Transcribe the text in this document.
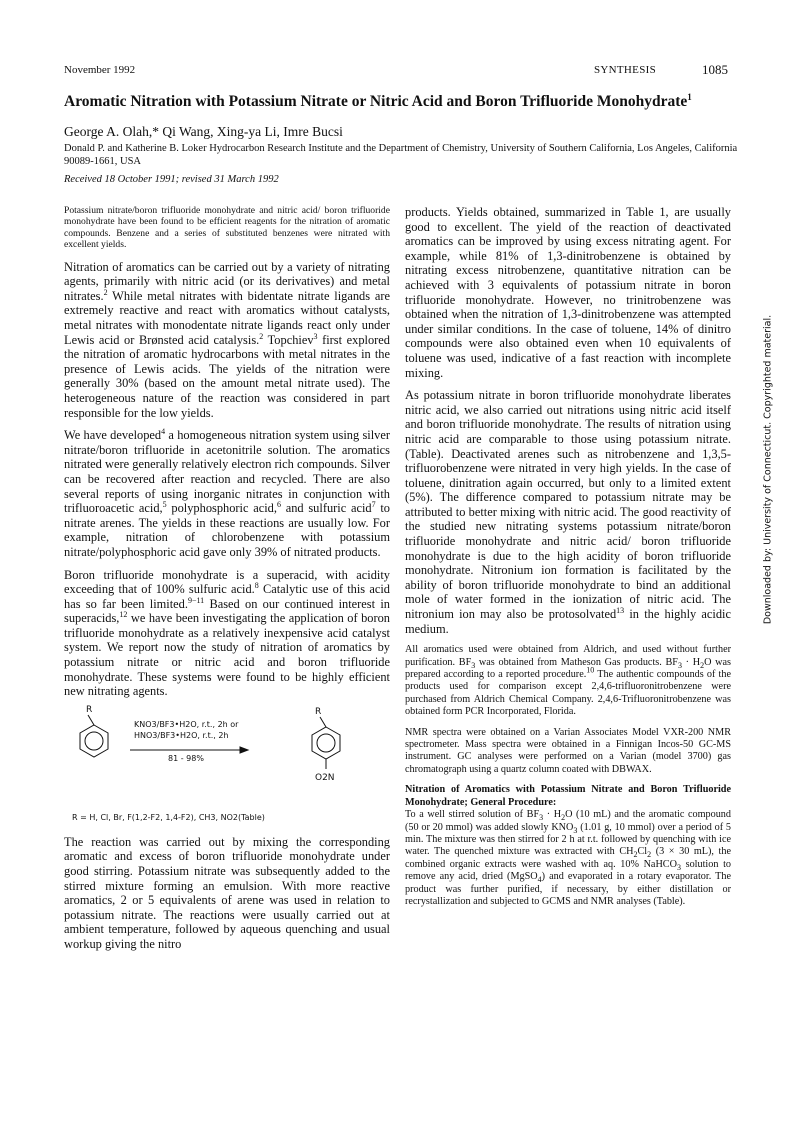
November 1992	SYNTHESIS	1085
Aromatic Nitration with Potassium Nitrate or Nitric Acid and Boron Trifluoride Monohydrate$^1$
George A. Olah,* Qi Wang, Xing-ya Li, Imre Bucsi
Donald P. and Katherine B. Loker Hydrocarbon Research Institute and the Department of Chemistry, University of Southern California, Los Angeles, California 90089-1661, USA
Received 18 October 1991; revised 31 March 1992

Potassium nitrate/boron trifluoride monohydrate and nitric acid/ boron trifluoride monohydrate have been found to be efficient reagents for the nitration of aromatic compounds. Benzene and a series of substituted benzenes were nitrated with excellent yields.

Nitration of aromatics can be carried out by a variety of nitrating agents, primarily with nitric acid (or its derivatives) and metal nitrates.$^2$ While metal nitrates with bidentate nitrate ligands are extremely reactive and react with aromatics without catalysts, metal nitrates with monodentate nitrate ligands react only under Lewis acid or Brønsted acid catalysis.$^2$ Topchiev$^3$ first explored the nitration of aromatic hydrocarbons with metal nitrates in the presence of Lewis acids. The yields of the nitration were generally 30% (based on the amount metal nitrate used). The heterogeneous nature of the reaction was considered in part responsible for the low yields.

We have developed$^4$ a homogeneous nitration system using silver nitrate/boron trifluoride in acetonitrile solution. The aromatics nitrated were generally relatively electron rich compounds. Silver can be recovered after reaction and recycled. There are also several reports of using inorganic nitrates in conjunction with trifluoroacetic acid,$^5$ polyphosphoric acid,$^6$ and sulfuric acid$^7$ to nitrate arenes. The yields in these reactions are usually low. For example, nitration of chlorobenzene with potassium nitrate/polyphosphoric acid gave only 39% of nitrated products.

Boron trifluoride monohydrate is a superacid, with acidity exceeding that of 100% sulfuric acid.$^8$ Catalytic use of this acid has so far been limited.$^{9-11}$ Based on our continued interest in superacids,$^{12}$ we have been investigating the application of boron trifluoride monohydrate as a relatively inexpensive acid catalyst system. We report now the study of nitration of aromatics by potassium nitrate or nitric acid and boron trifluoride monohydrate. These systems were found to be highly efficient new nitrating agents.

R	R
KNO3/BF3•H2O, r.t., 2h or
HNO3/BF3•H2O, r.t., 2h
81 - 98%
O2N
R = H, Cl, Br, F(1,2-F2, 1,4-F2), CH3, NO2(Table)

The reaction was carried out by mixing the corresponding aromatic and excess of boron trifluoride monohydrate under good stirring. Potassium nitrate was subsequently added to the stirred mixture forming an emulsion. With more reactive aromatics, 2 or 5 equivalents of arene was used in relation to potassium nitrate. The reactions were usually carried out at ambient temperature, followed by aqueous quenching and usual workup giving the nitro

products. Yields obtained, summarized in Table 1, are usually good to excellent. The yield of the reaction of deactivated aromatics can be improved by using excess nitrating agent. For example, while 81% of 1,3-dinitrobenzene is obtained by nitrating excess nitrobenzene, quantitative nitration can be achieved with 3 equivalents of potassium nitrate in boron trifluoride monohydrate. However, no trinitrobenzene was obtained when the nitration of 1,3-dinitrobenzene was attempted under similar conditions. In the case of toluene, 14% of dinitro compounds were also obtained even when 10 equivalents of toluene was used, indicative of a fast reaction with incomplete mixing.

As potassium nitrate in boron trifluoride monohydrate liberates nitric acid, we also carried out nitrations using nitric acid itself and boron trifluoride monohydrate. The results of nitration using nitric acid are comparable to those using potassium nitrate. (Table). Deactivated arenes such as nitrobenzene and 1,3,5-trifluorobenzene were nitrated in very high yields. In the case of toluene, dinitration again occurred, but only to a limited extent (5%). The difference compared to potassium nitrate may be attributed to better mixing with nitric acid. The good reactivity of the studied new nitrating systems potassium nitrate/boron trifluoride monohydrate and nitric acid/ boron trifluoride monohydrate is due to the high acidity of boron trifluoride monohydrate. Nitronium ion formation is facilitated by the ability of boron trifluoride monohydrate to bind an additional mole of water formed in the ionization of nitric acid. The nitronium ion may also be protosolvated$^{13}$ in the highly acidic medium.

All aromatics used were obtained from Aldrich, and used without further purification. $BF_3$ was obtained from Matheson Gas products. $BF_3 \cdot H_2O$ was prepared according to a reported procedure.$^{10}$ The authentic compounds of the products used for comparison except 2,4,6-trifluoronitrobenzene were purchased from Aldrich Chemical Company. 2,4,6-Trifluoronitrobenzene was obtained form PCR Incorporated, Florida.

NMR spectra were obtained on a Varian Associates Model VXR-200 NMR spectrometer. Mass spectra were obtained in a Finnigan Incos-50 GC-MS instrument. GC analyses were performed on a Varian (model 3700) gas chromatograph using a quartz column coated with DBWAX.

Nitration of Aromatics with Potassium Nitrate and Boron Trifluoride Monohydrate; General Procedure:
To a well stirred solution of $BF_3 \cdot H_2O$ (10 mL) and the aromatic compound (50 or 20 mmol) was added slowly $KNO_3$ (1.01 g, 10 mmol) over a period of 5 min. The mixture was then stirred for 2 h at r.t. followed by quenching with ice water. The quenched mixture was extracted with $CH_2Cl_2$ (3 × 30 mL), the combined organic extracts were washed with aq. 10% NaHCO$_3$ solution to remove any acid, dried (MgSO$_4$) and evaporated in a rotary evaporator. The product was further purified, if necessary, by either distillation or recrystallization and subjected to GCMS and NMR analyses (Table).

Downloaded by: University of Connecticut. Copyrighted material.
